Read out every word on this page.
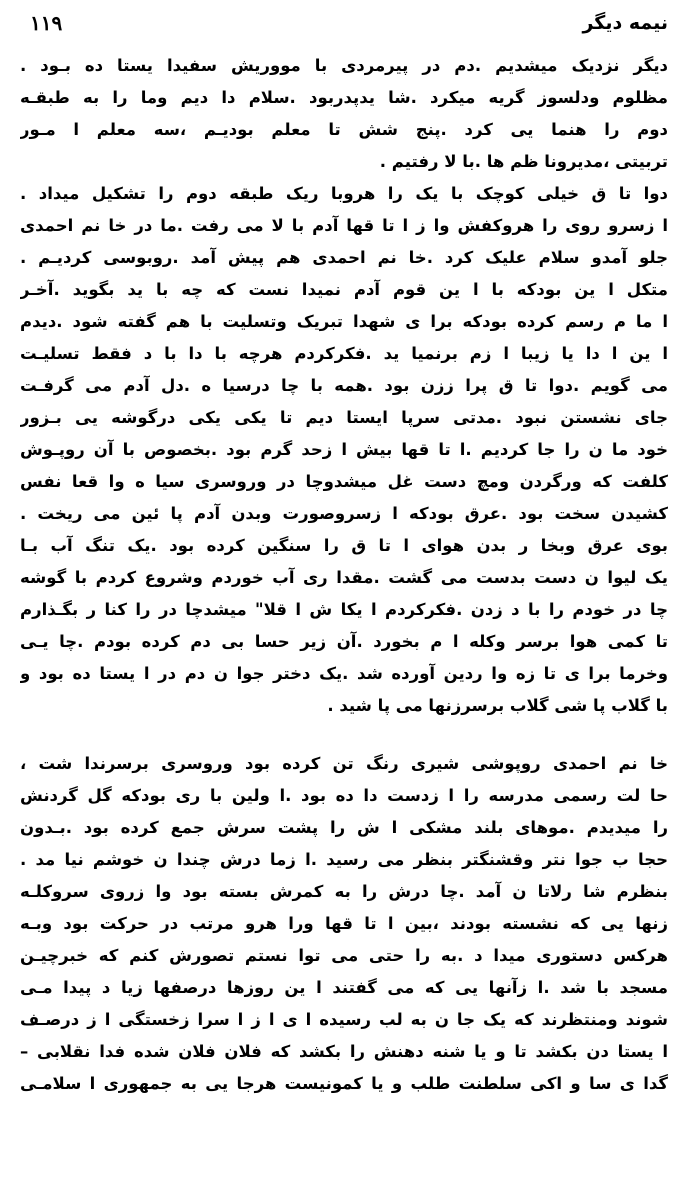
۱۱۹	نیمه دیگر
دیگر نزدیک میشدیم .دم در پیرمردی با مووریش سفیدا یستا ده بـود .
مظلوم ودلسوز گریه میکرد .شا یدپدربود .سلام دا دیم وما را به طبقـه
دوم را هنما یی کرد .پنج شش تا معلم بودیـم ،سه معلم ا مـور
تربیتی ،مدیرونا ظم ها .با لا رفتیم .
دوا تا ق خیلی کوچک با یک را هروبا ریک طبقه دوم را تشکیل میداد .
ا زسرو روی را هروکفش وا ز ا تا قها آدم با لا می رفت .ما در خا نم احمدی
جلو آمدو سلام علیک کرد .خا نم احمدی هم پیش آمد .روبوسی کردیـم .
متکل ا ین بودکه با ا ین قوم آدم نمیدا نست که چه با ید بگوید .آخـر
ا ما م رسم کرده بودکه برا ی شهدا تبریک وتسلیت با هم گفته شود .دیدم
ا ین ا دا یا زیبا ا زم برنمیا ید .فکرکردم هرچه با دا با د فقط تسلیـت
می گویم .دوا تا ق پرا ززن بود .همه با چا درسیا ه .دل آدم می گرفـت
جای نشستن نبود .مدتی سرپا ایستا دیم تا یکی یکی درگوشه یی بـزور
خود ما ن را جا کردیم .ا تا قها بیش ا زحد گرم بود .بخصوص با آن روپـوش
کلفت که ورگردن ومچ دست غل میشدوچا در وروسری سیا ه وا قعا نفس
کشیدن سخت بود .عرق بودکه ا زسروصورت وبدن آدم پا ئین می ریخت .
بوی عرق وبخا ر بدن هوای ا تا ق را سنگین کرده بود .یک تنگ آب بـا
یک لیوا ن دست بدست می گشت .مقدا ری آب خوردم وشروع کردم با گوشه
چا در خودم را با د زدن .فکرکردم ا یکا ش ا قلا" میشدچا در را کنا ر بگـذارم
تا کمی هوا برسر وکله ا م بخورد .آن زیر حسا بی دم کرده بودم .چا یـی
وخرما برا ی تا زه وا ردین آورده شد .یک دختر جوا ن دم در ا یستا ده بود و
با گلاب پا شی گلاب برسرزنها می پا شید .
خا نم احمدی روپوشی شیری رنگ تن کرده بود وروسری برسرندا شت ،
حا لت رسمی مدرسه را ا زدست دا ده بود .ا ولین با ری بودکه گل گردنش
را میدیدم .موهای بلند مشکی ا ش را پشت سرش جمع کرده بود .بـدون
حجا ب جوا نتر وقشنگتر بنظر می رسید .ا زما درش چندا ن خوشم نیا مد .
بنظرم شا رلاتا ن آمد .چا درش را به کمرش بسته بود وا زروی سروکلـه
زنها یی که نشسته بودند ،بین ا تا قها ورا هرو مرتب در حرکت بود وبـه
هرکس دستوری میدا د .به را حتی می توا نستم تصورش کنم که خبرچیـن
مسجد با شد .ا زآنها یی که می گفتند ا ین روزها درصفها زیا د پیدا مـی
شوند ومنتظرند که یک جا ن به لب رسیده ا ی ا ز ا سرا زخستگی ا ز درصـف
ا یستا دن بکشد تا و یا شنه دهنش را بکشد که فلان فلان شده فدا نقلابی –
گدا ی سا و اکی سلطنت طلب و یا کمونیست هرجا یی به جمهوری ا سلامـی
